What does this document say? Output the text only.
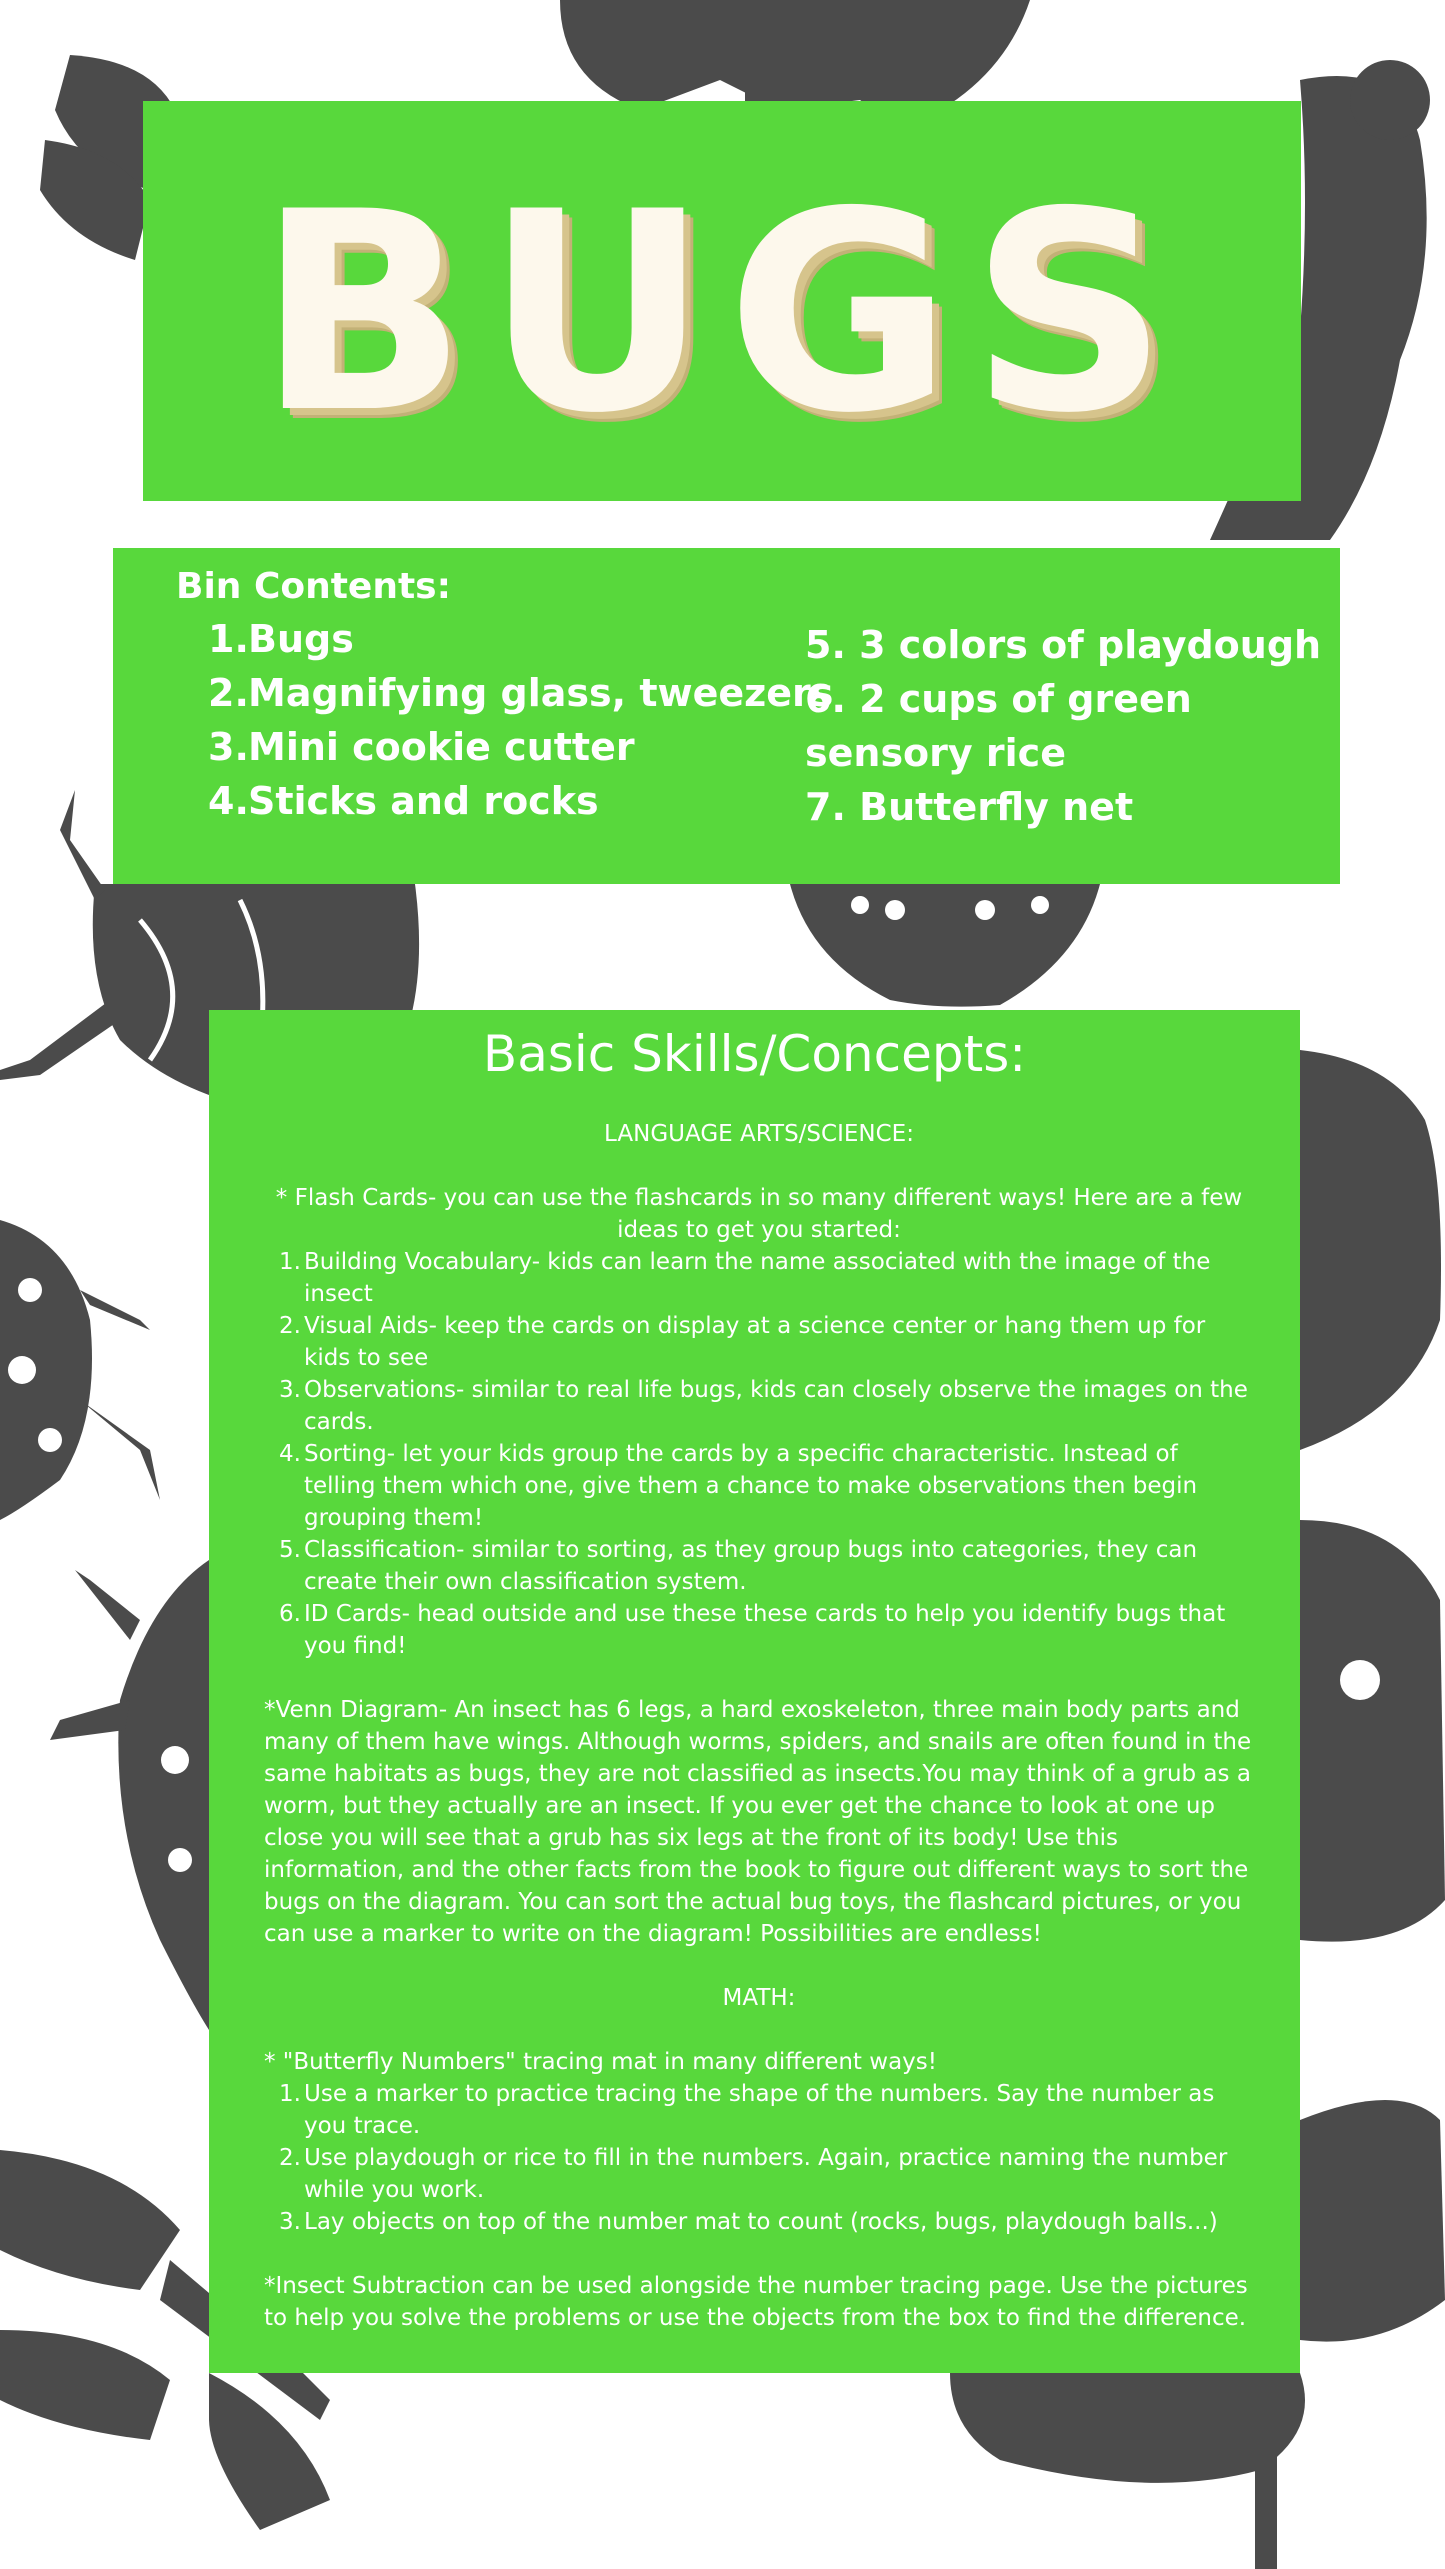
BUGS

Bin Contents:

1.Bugs
2.Magnifying glass, tweezers
3.Mini cookie cutter
4.Sticks and rocks
5. 3 colors of playdough
6. 2 cups of green sensory rice
7. Butterfly net
Basic Skills/Concepts:

LANGUAGE ARTS/SCIENCE:

* Flash Cards- you can use the flashcards in so many different ways! Here are a few ideas to get you started:

1. Building Vocabulary- kids can learn the name associated with the image of the insect
2. Visual Aids- keep the cards on display at a science center or hang them up for kids to see
3. Observations- similar to real life bugs, kids can closely observe the images on the cards.
4. Sorting- let your kids group the cards by a specific characteristic. Instead of telling them which one, give them a chance to make observations then begin grouping them!
5. Classification- similar to sorting, as they group bugs into categories, they can create their own classification system.
6. ID Cards- head outside and use these these cards to help you identify bugs that you find!

*Venn Diagram- An insect has 6 legs, a hard exoskeleton, three main body parts and many of them have wings. Although worms, spiders, and snails are often found in the same habitats as bugs, they are not classified as insects.You may think of a grub as a worm, but they actually are an insect. If you ever get the chance to look at one up close you will see that a grub has six legs at the front of its body! Use this information, and the other facts from the book to figure out different ways to sort the bugs on the diagram. You can sort the actual bug toys, the flashcard pictures, or you can use a marker to write on the diagram! Possibilities are endless!

MATH:

* "Butterfly Numbers" tracing mat in many different ways!

1. Use a marker to practice tracing the shape of the numbers. Say the number as you trace.
2. Use playdough or rice to fill in the numbers. Again, practice naming the number while you work.
3. Lay objects on top of the number mat to count (rocks, bugs, playdough balls...)

*Insect Subtraction can be used alongside the number tracing page. Use the pictures to help you solve the problems or use the objects from the box to find the difference.
